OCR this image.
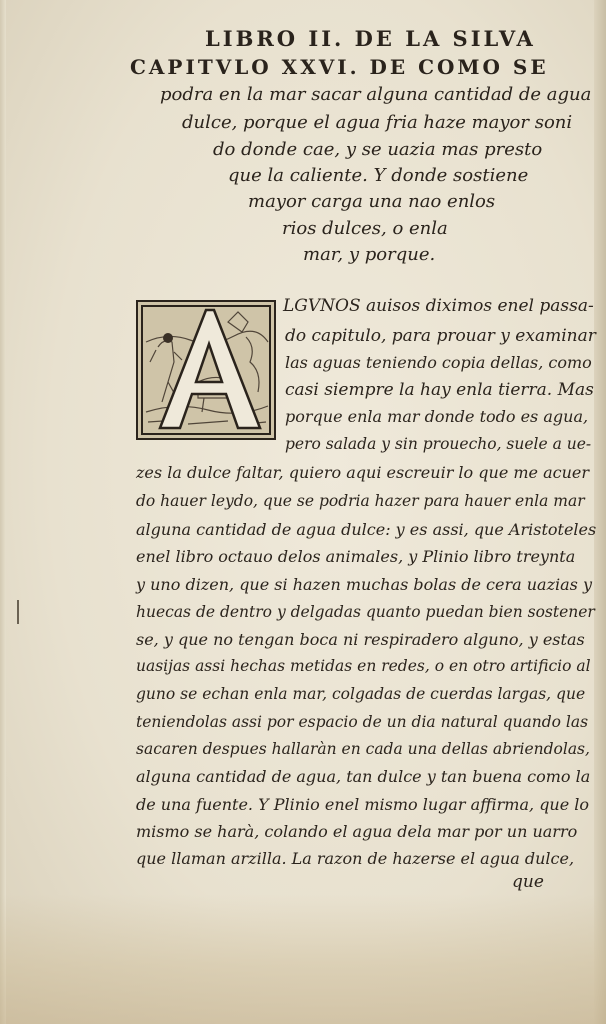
LIBRO II. DE LA SILVA
CAPITVLO XXVI. DE COMO SE
podra en la mar sacar alguna cantidad de agua
dulce, porque el agua fria haze mayor soni
do donde cae, y se uazia mas presto
que la caliente. Y donde sostiene
mayor carga una nao enlos
rios dulces, o enla
mar, y porque.
LGVNOS auisos diximos enel passa-
do capitulo, para prouar y examinar
las aguas teniendo copia dellas, como
casi siempre la hay enla tierra. Mas
porque enla mar donde todo es agua,
pero salada y sin prouecho, suele a ue-
zes la dulce faltar, quiero aqui escreuir lo que me acuer
do hauer leydo, que se podria hazer para hauer enla mar
alguna cantidad de agua dulce: y es assi, que Aristoteles
enel libro octauo delos animales, y Plinio libro treynta
y uno dizen, que si hazen muchas bolas de cera uazias y
huecas de dentro y delgadas quanto puedan bien sostener
se, y que no tengan boca ni respiradero alguno, y estas
uasijas assi hechas metidas en redes, o en otro artificio al
guno se echan enla mar, colgadas de cuerdas largas, que
teniendolas assi por espacio de un dia natural quando las
sacaren despues hallaràn en cada una dellas abriendolas,
alguna cantidad de agua, tan dulce y tan buena como la
de una fuente. Y Plinio enel mismo lugar affirma, que lo
mismo se harà, colando el agua dela mar por un uarro
que llaman arzilla. La razon de hazerse el agua dulce,
que
